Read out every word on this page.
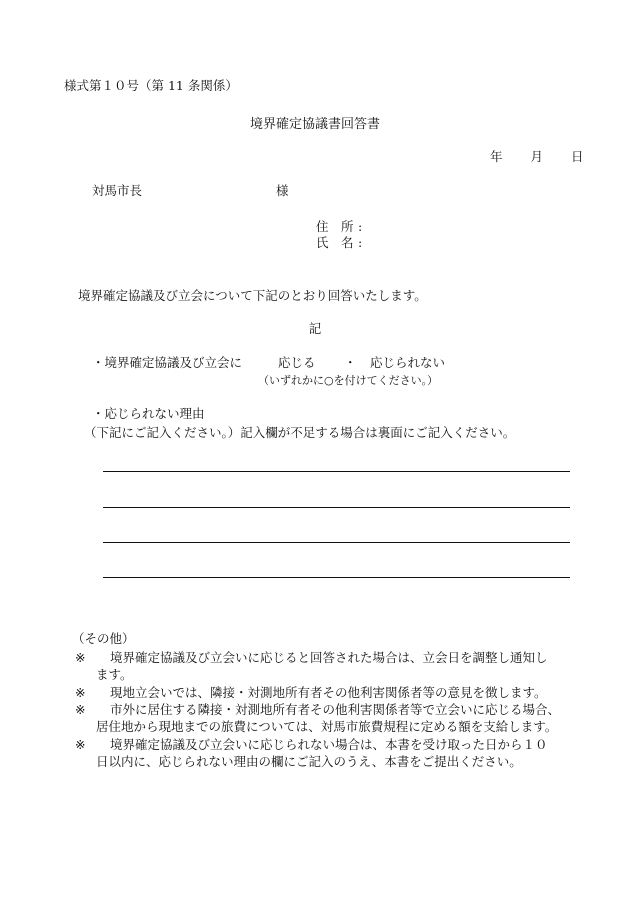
様式第１０号（第 11 条関係）
境界確定協議書回答書
年 月 日
対馬市長	様
住　所 :
氏　名 :
境界確定協議及び立会について下記のとおり回答いたします。
記
・境界確定協議及び立会に	応じる ・ 応じられない
（いずれかに○を付けてください。）
・応じられない理由
（下記にご記入ください。）記入欄が不足する場合は裏面にご記入ください。
（その他）
※ 境界確定協議及び立会いに応じると回答された場合は、立会日を調整し通知し
ます。
※ 現地立会いでは、隣接・対測地所有者その他利害関係者等の意見を徴します。
※ 市外に居住する隣接・対測地所有者その他利害関係者等で立会いに応じる場合、
居住地から現地までの旅費については、対馬市旅費規程に定める額を支給します。
※ 境界確定協議及び立会いに応じられない場合は、本書を受け取った日から１０
日以内に、応じられない理由の欄にご記入のうえ、本書をご提出ください。
